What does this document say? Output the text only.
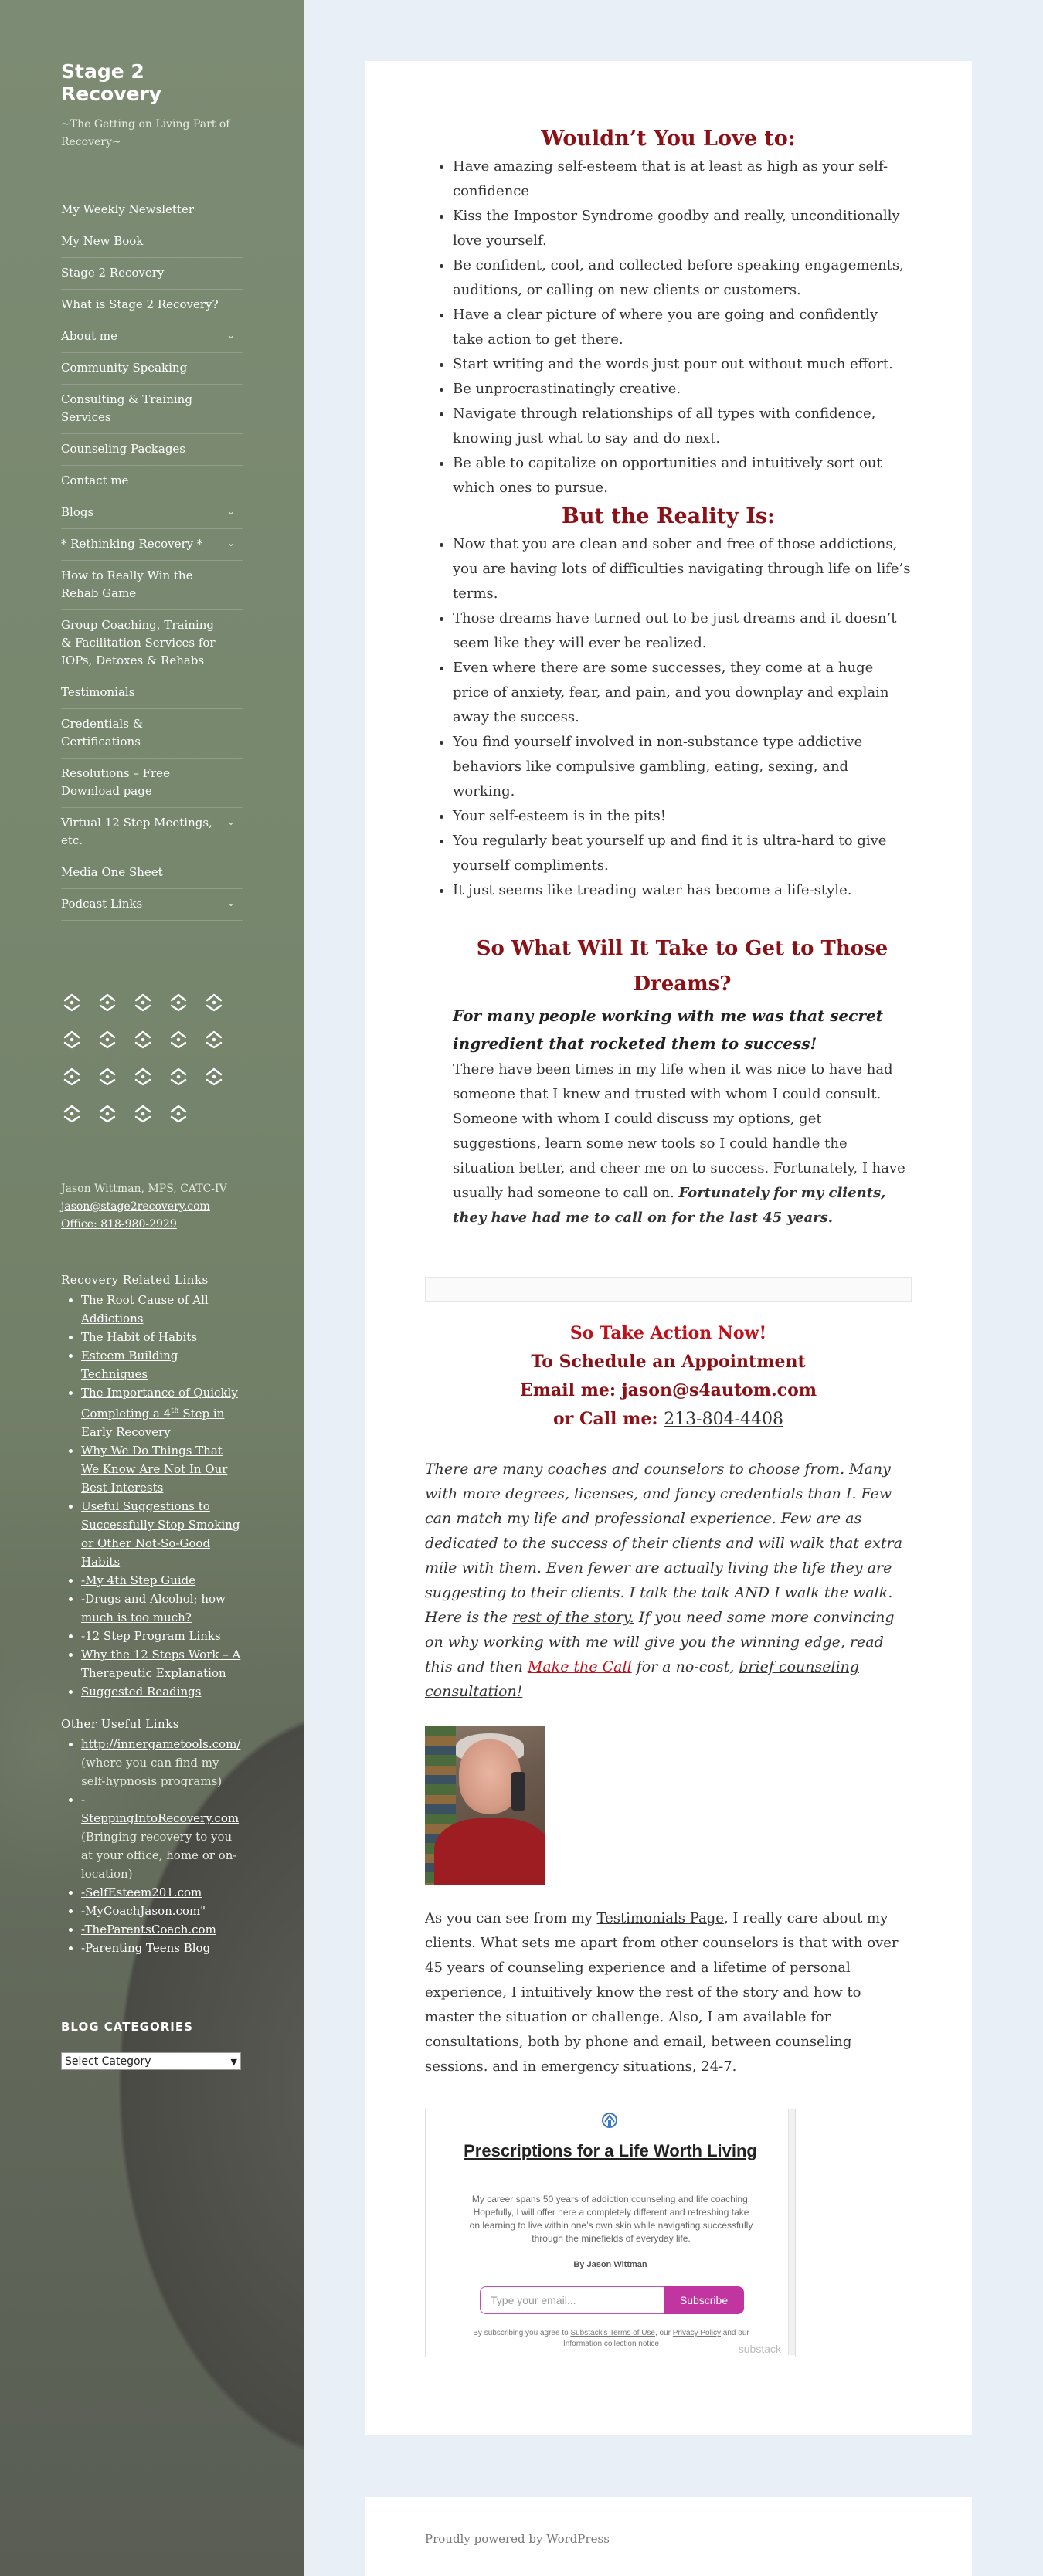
Stage 2 Recovery

~The Getting on Living Part of Recovery~

My Weekly Newsletter
My New Book
Stage 2 Recovery
What is Stage 2 Recovery?
About me	⌄
Community Speaking
Consulting & Training Services
Counseling Packages
Contact me
Blogs	⌄
* Rethinking Recovery * ⌄
How to Really Win the Rehab Game
Group Coaching, Training & Facilitation Services for IOPs, Detoxes & Rehabs
Testimonials
Credentials & Certifications
Resolutions – Free Download page
Virtual 12 Step Meetings, etc.
⌄
Media One Sheet
Podcast Links	⌄
Jason Wittman, MPS, CATC-IV
jason@stage2recovery.com
Office: 818-980-2929
Recovery Related Links
• The Root Cause of All Addictions
• The Habit of Habits
• Esteem Building Techniques
• The Importance of Quickly Completing a 4th Step in Early Recovery
• Why We Do Things That We Know Are Not In Our Best Interests
• Useful Suggestions to Successfully Stop Smoking or Other Not-So-Good Habits
• -My 4th Step Guide
• -Drugs and Alcohol; how much is too much?
• -12 Step Program Links
• Why the 12 Steps Work – A Therapeutic Explanation
• Suggested Readings
Other Useful Links
• http://innergametools.com/
(where you can find my self-hypnosis programs)
• -
SteppingIntoRecovery.com
(Bringing recovery to you at your office, home or on-location)
• -SelfEsteem201.com
• -MyCoachJason.com"
• -TheParentsCoach.com
• -Parenting Teens Blog
BLOG CATEGORIES
Select Category	▼
Wouldn’t You Love to:
• Have amazing self-esteem that is at least as high as your self-confidence
• Kiss the Impostor Syndrome goodby and really, unconditionally love yourself.
• Be confident, cool, and collected before speaking engagements, auditions, or calling on new clients or customers.
• Have a clear picture of where you are going and confidently take action to get there.
• Start writing and the words just pour out without much effort.
• Be unprocrastinatingly creative.
• Navigate through relationships of all types with confidence, knowing just what to say and do next.
• Be able to capitalize on opportunities and intuitively sort out which ones to pursue.
But the Reality Is:
• Now that you are clean and sober and free of those addictions, you are having lots of difficulties navigating through life on life’s terms.
• Those dreams have turned out to be just dreams and it doesn’t seem like they will ever be realized.
• Even where there are some successes, they come at a huge price of anxiety, fear, and pain, and you downplay and explain away the success.
• You find yourself involved in non-substance type addictive behaviors like compulsive gambling, eating, sexing, and working.
• Your self-esteem is in the pits!
• You regularly beat yourself up and find it is ultra-hard to give yourself compliments.
• It just seems like treading water has become a life-style.
So What Will It Take to Get to Those Dreams?
For many people working with me was that secret ingredient that rocketed them to success!

There have been times in my life when it was nice to have had someone that I knew and trusted with whom I could consult. Someone with whom I could discuss my options, get suggestions, learn some new tools so I could handle the situation better, and cheer me on to success. Fortunately, I have usually had someone to call on. Fortunately for my clients, they have had me to call on for the last 45 years.

So Take Action Now!
To Schedule an Appointment
Email me: jason@s4autom.com
or Call me: 213-804-4408
There are many coaches and counselors to choose from. Many with more degrees, licenses, and fancy credentials than I. Few can match my life and professional experience. Few are as dedicated to the success of their clients and will walk that extra mile with them. Even fewer are actually living the life they are suggesting to their clients. I talk the talk AND I walk the walk. Here is the rest of the story. If you need some more convincing on why working with me will give you the winning edge, read this and then Make the Call for a no-cost, brief counseling consultation!
As you can see from my Testimonials Page, I really care about my clients. What sets me apart from other counselors is that with over 45 years of counseling experience and a lifetime of personal experience, I intuitively know the rest of the story and how to master the situation or challenge. Also, I am available for consultations, both by phone and email, between counseling sessions. and in emergency situations, 24-7.
Prescriptions for a Life Worth Living
My career spans 50 years of addiction counseling and life coaching. Hopefully, I will offer here a completely different and refreshing take on learning to live within one’s own skin while navigating successfully through the minefields of everyday life.
By Jason Wittman
Type your email...	Subscribe
By subscribing you agree to Substack's Terms of Use, our Privacy Policy and our Information collection notice	substack
Proudly powered by WordPress
